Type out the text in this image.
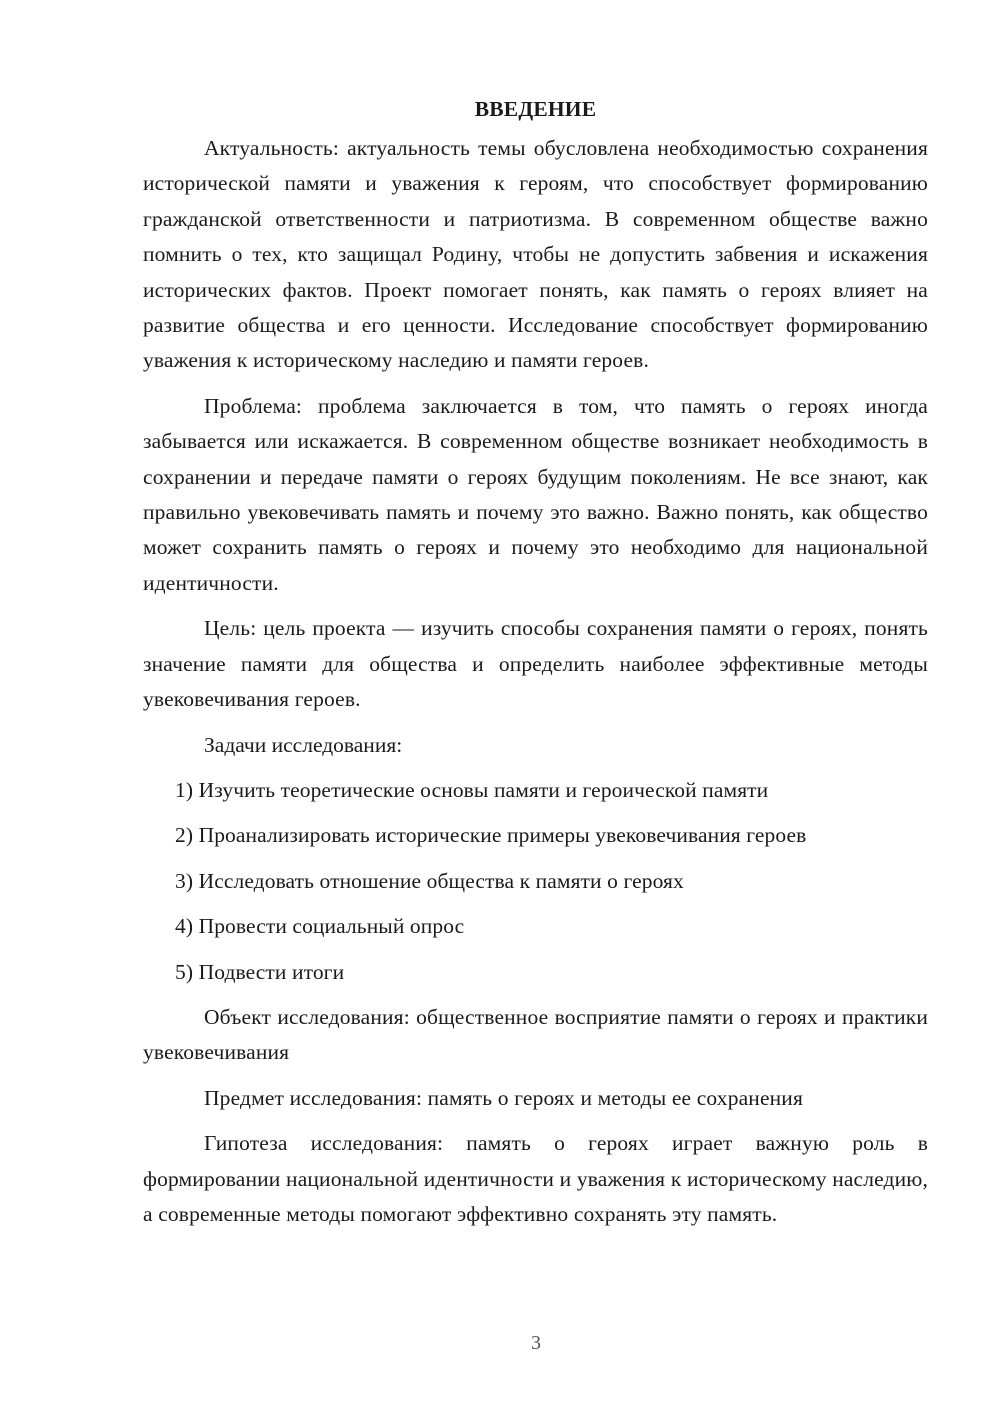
ВВЕДЕНИЕ

Актуальность: актуальность темы обусловлена необходимостью сохранения исторической памяти и уважения к героям, что способствует формированию гражданской ответственности и патриотизма. В современном обществе важно помнить о тех, кто защищал Родину, чтобы не допустить забвения и искажения исторических фактов. Проект помогает понять, как память о героях влияет на развитие общества и его ценности. Исследование способствует формированию уважения к историческому наследию и памяти героев.

Проблема: проблема заключается в том, что память о героях иногда забывается или искажается. В современном обществе возникает необходимость в сохранении и передаче памяти о героях будущим поколениям. Не все знают, как правильно увековечивать память и почему это важно. Важно понять, как общество может сохранить память о героях и почему это необходимо для национальной идентичности.

Цель: цель проекта — изучить способы сохранения памяти о героях, понять значение памяти для общества и определить наиболее эффективные методы увековечивания героев.

Задачи исследования:

1) Изучить теоретические основы памяти и героической памяти
2) Проанализировать исторические примеры увековечивания героев
3) Исследовать отношение общества к памяти о героях
4) Провести социальный опрос
5) Подвести итоги

Объект исследования: общественное восприятие памяти о героях и практики увековечивания

Предмет исследования: память о героях и методы ее сохранения

Гипотеза исследования: память о героях играет важную роль в формировании национальной идентичности и уважения к историческому наследию, а современные методы помогают эффективно сохранять эту память.

3
